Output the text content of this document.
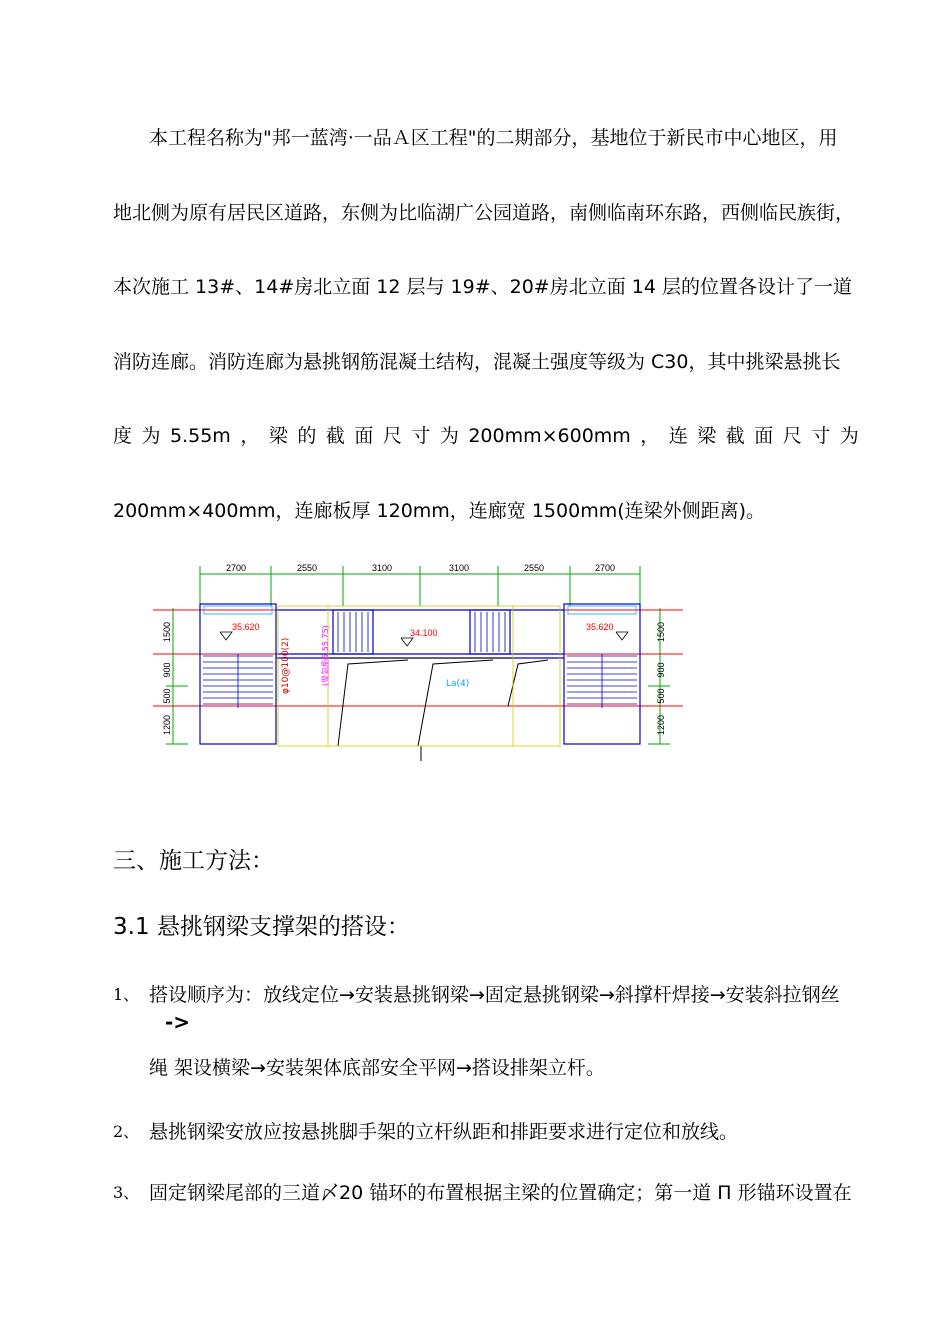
本工程名称为"邦一蓝湾·一品Ａ区工程"的二期部分，基地位于新民市中心地区，用
地北侧为原有居民区道路，东侧为比临湖广公园道路，南侧临南环东路，西侧临民族街，
本次施工 13#、14#房北立面 12 层与 19#、20#房北立面 14 层的位置各设计了一道
消防连廊。消防连廊为悬挑钢筋混凝土结构，混凝土强度等级为 C30，其中挑梁悬挑长
度 为 5.55m ， 梁 的 截 面 尺 寸 为 200mm×600mm ， 连 梁 截 面 尺 寸 为
200mm×400mm，连廊板厚 120mm，连廊宽 1500mm(连梁外侧距离)。
2700	2550	3100	3100	2550	2700
1500	1500
900	900
500	500
1200	1200
35.620
34.100
35.620
φ10@100(2)	(聚氨酯5.55.75)	La(4)
三、施工方法：
3.1 悬挑钢梁支撑架的搭设：
1、 搭设顺序为：放线定位→安装悬挑钢梁→固定悬挑钢梁→斜撑杆焊接→安装斜拉钢丝
->
绳 架设横梁→安装架体底部安全平网→搭设排架立杆。
2、 悬挑钢梁安放应按悬挑脚手架的立杆纵距和排距要求进行定位和放线。
3、 固定钢梁尾部的三道〆20 锚环的布置根据主梁的位置确定；第一道 Π 形锚环设置在
